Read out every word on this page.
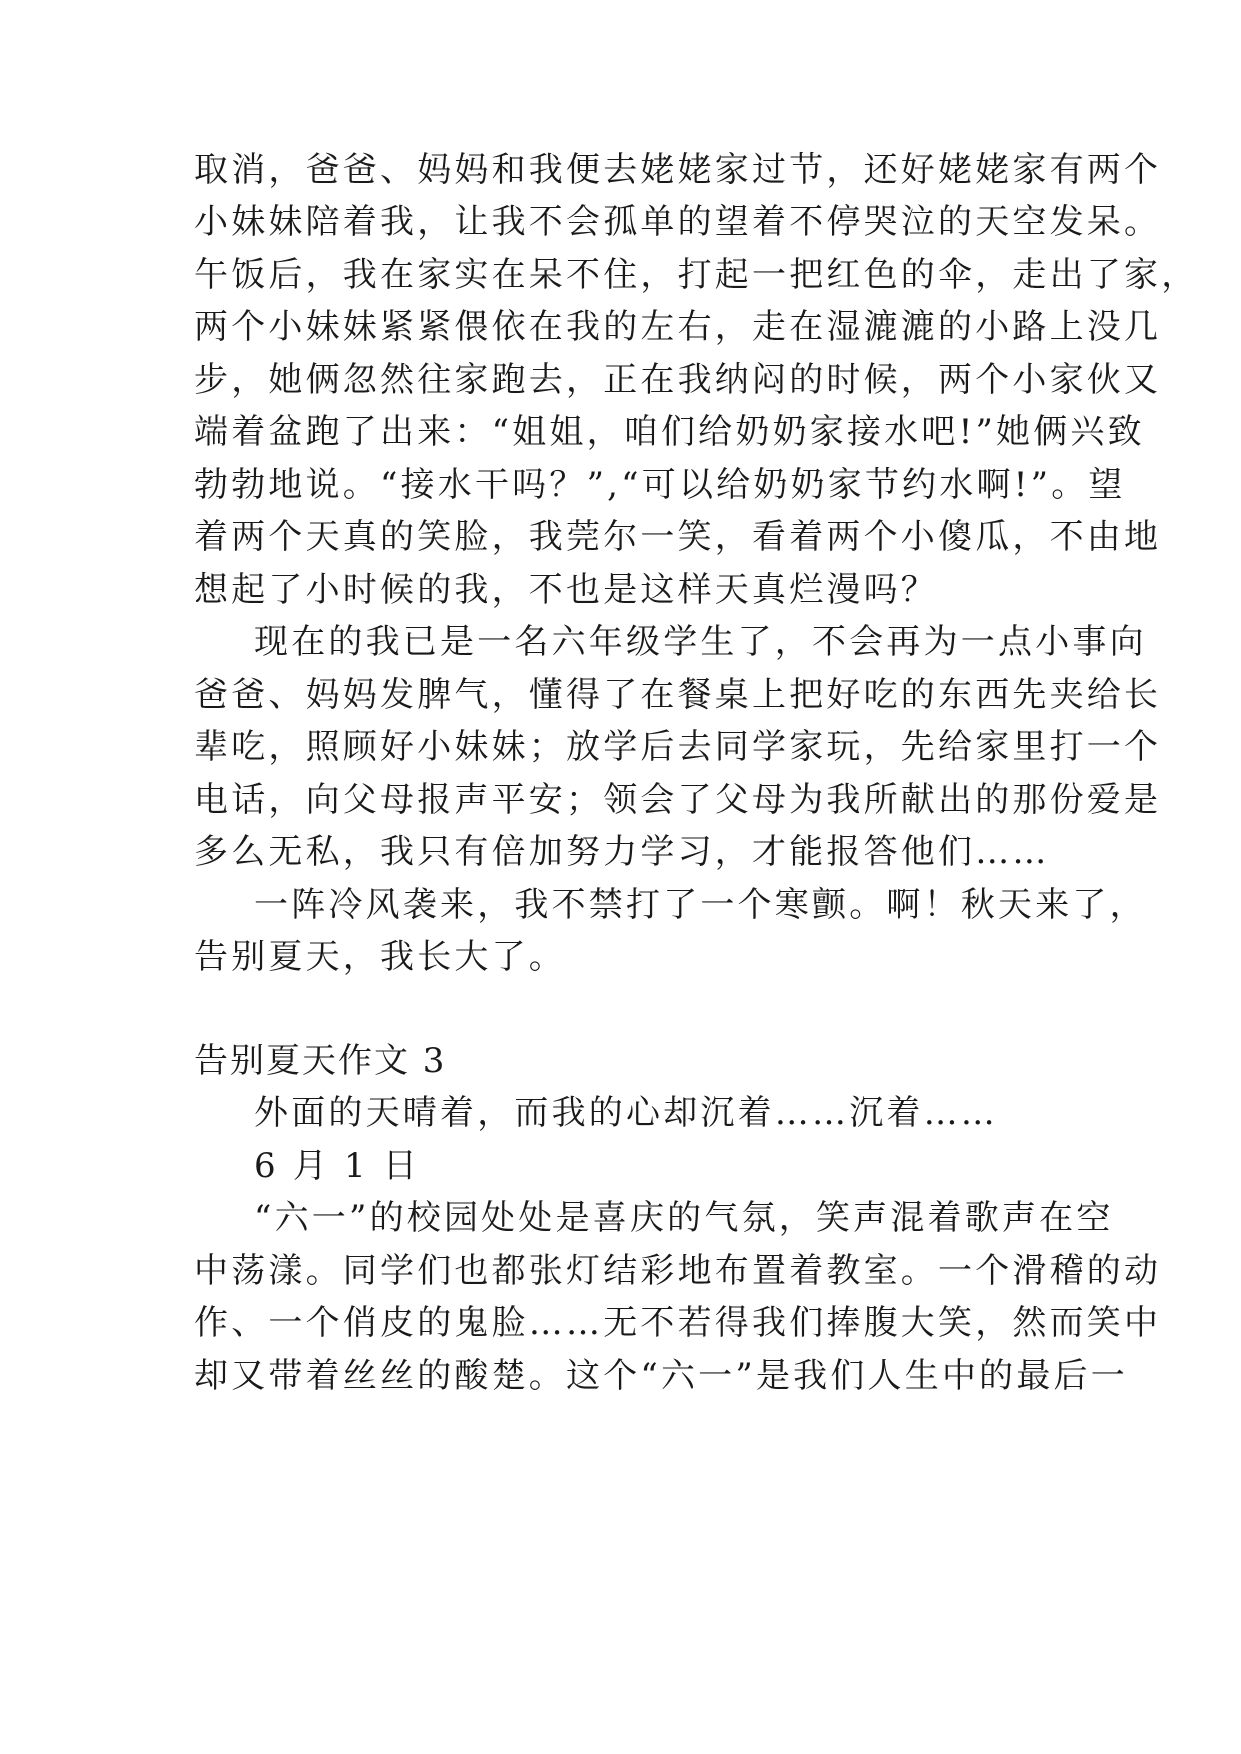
取消，爸爸、妈妈和我便去姥姥家过节，还好姥姥家有两个
小妹妹陪着我，让我不会孤单的望着不停哭泣的天空发呆。
午饭后，我在家实在呆不住，打起一把红色的伞，走出了家，
两个小妹妹紧紧偎依在我的左右，走在湿漉漉的小路上没几
步，她俩忽然往家跑去，正在我纳闷的时候，两个小家伙又
端着盆跑了出来：“姐姐，咱们给奶奶家接水吧!”她俩兴致
勃勃地说。“接水干吗？”,“可以给奶奶家节约水啊!”。望
着两个天真的笑脸，我莞尔一笑，看着两个小傻瓜，不由地
想起了小时候的我，不也是这样天真烂漫吗？
现在的我已是一名六年级学生了，不会再为一点小事向
爸爸、妈妈发脾气，懂得了在餐桌上把好吃的东西先夹给长
辈吃，照顾好小妹妹；放学后去同学家玩，先给家里打一个
电话，向父母报声平安；领会了父母为我所献出的那份爱是
多么无私，我只有倍加努力学习，才能报答他们……
一阵冷风袭来，我不禁打了一个寒颤。啊！秋天来了，
告别夏天，我长大了。
告别夏天作文 3
外面的天晴着，而我的心却沉着……沉着……
6 月 1 日
“六一”的校园处处是喜庆的气氛，笑声混着歌声在空
中荡漾。同学们也都张灯结彩地布置着教室。一个滑稽的动
作、一个俏皮的鬼脸……无不若得我们捧腹大笑，然而笑中
却又带着丝丝的酸楚。这个“六一”是我们人生中的最后一
